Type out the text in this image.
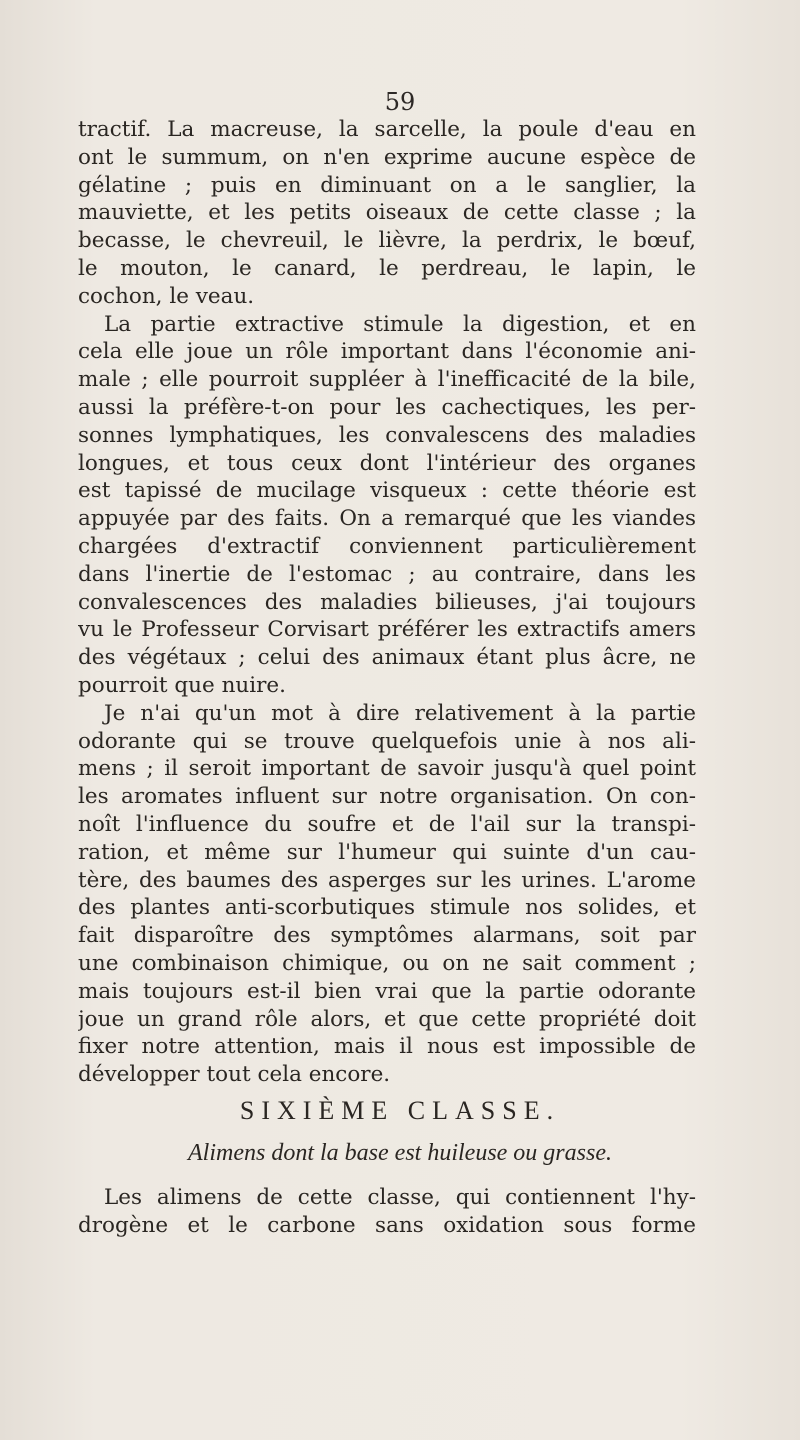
59
tractif. La macreuse, la sarcelle, la poule d'eau en
ont le summum, on n'en exprime aucune espèce de
gélatine ; puis en diminuant on a le sanglier, la
mauviette, et les petits oiseaux de cette classe ; la
becasse, le chevreuil, le lièvre, la perdrix, le bœuf,
le mouton, le canard, le perdreau, le lapin, le
cochon, le veau.
La partie extractive stimule la digestion, et en
cela elle joue un rôle important dans l'économie ani-
male ; elle pourroit suppléer à l'inefficacité de la bile,
aussi la préfère-t-on pour les cachectiques, les per-
sonnes lymphatiques, les convalescens des maladies
longues, et tous ceux dont l'intérieur des organes
est tapissé de mucilage visqueux : cette théorie est
appuyée par des faits. On a remarqué que les viandes
chargées d'extractif conviennent particulièrement
dans l'inertie de l'estomac ; au contraire, dans les
convalescences des maladies bilieuses, j'ai toujours
vu le Professeur Corvisart préférer les extractifs amers
des végétaux ; celui des animaux étant plus âcre, ne
pourroit que nuire.
Je n'ai qu'un mot à dire relativement à la partie
odorante qui se trouve quelquefois unie à nos ali-
mens ; il seroit important de savoir jusqu'à quel point
les aromates influent sur notre organisation. On con-
noît l'influence du soufre et de l'ail sur la transpi-
ration, et même sur l'humeur qui suinte d'un cau-
tère, des baumes des asperges sur les urines. L'arome
des plantes anti-scorbutiques stimule nos solides, et
fait disparoître des symptômes alarmans, soit par
une combinaison chimique, ou on ne sait comment ;
mais toujours est-il bien vrai que la partie odorante
joue un grand rôle alors, et que cette propriété doit
fixer notre attention, mais il nous est impossible de
développer tout cela encore.
SIXIÈME CLASSE.
Alimens dont la base est huileuse ou grasse.
Les alimens de cette classe, qui contiennent l'hy-
drogène et le carbone sans oxidation sous forme
